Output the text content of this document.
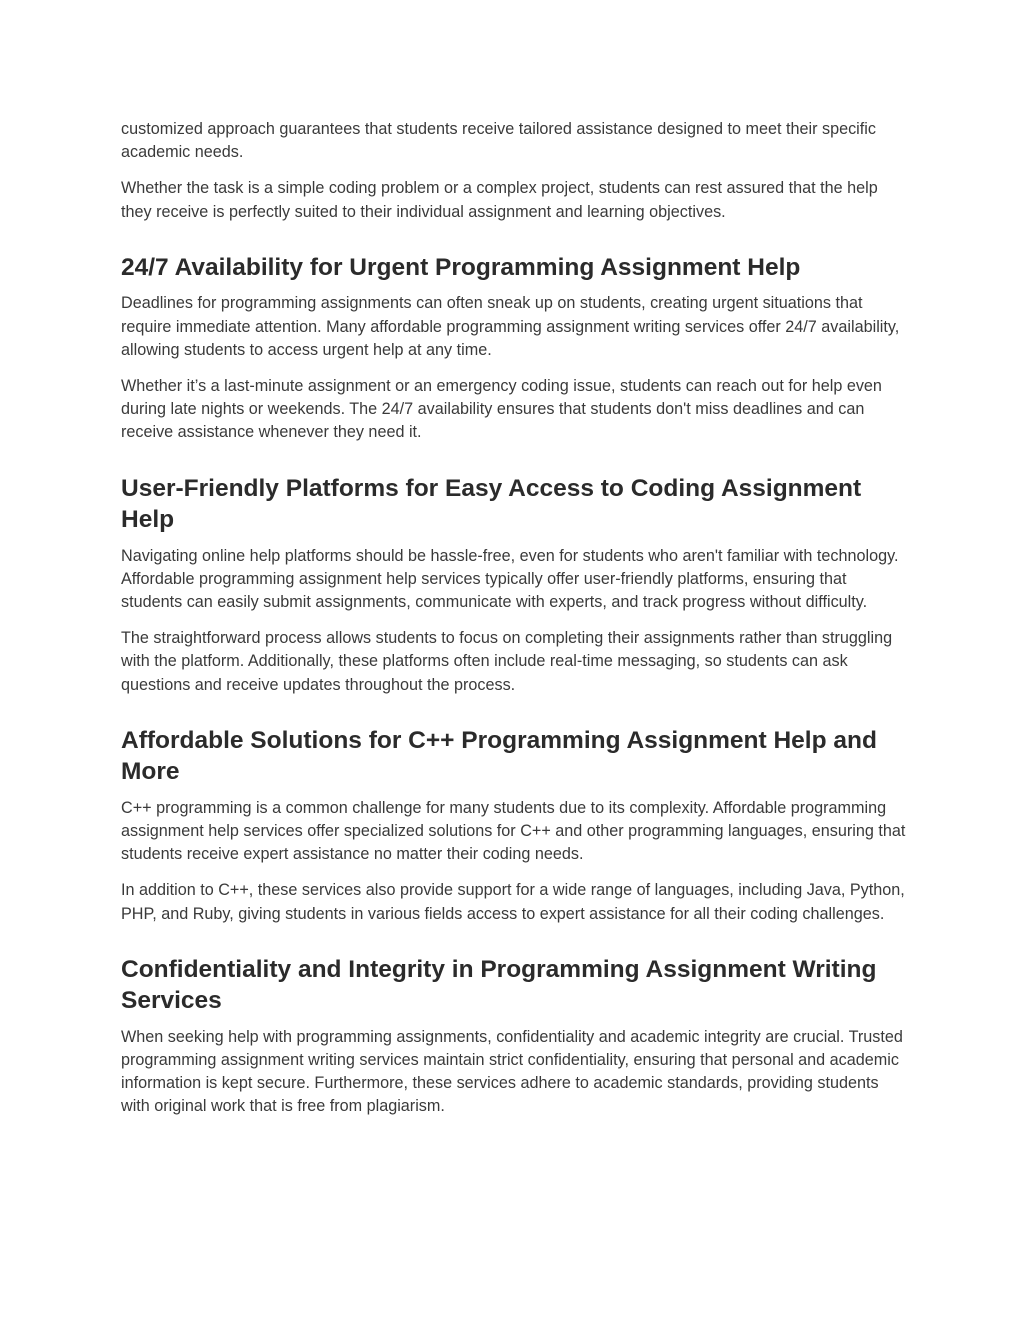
customized approach guarantees that students receive tailored assistance designed to meet their specific academic needs.

Whether the task is a simple coding problem or a complex project, students can rest assured that the help they receive is perfectly suited to their individual assignment and learning objectives.

24/7 Availability for Urgent Programming Assignment Help

Deadlines for programming assignments can often sneak up on students, creating urgent situations that require immediate attention. Many affordable programming assignment writing services offer 24/7 availability, allowing students to access urgent help at any time.

Whether it’s a last-minute assignment or an emergency coding issue, students can reach out for help even during late nights or weekends. The 24/7 availability ensures that students don't miss deadlines and can receive assistance whenever they need it.

User-Friendly Platforms for Easy Access to Coding Assignment Help

Navigating online help platforms should be hassle-free, even for students who aren't familiar with technology. Affordable programming assignment help services typically offer user-friendly platforms, ensuring that students can easily submit assignments, communicate with experts, and track progress without difficulty.

The straightforward process allows students to focus on completing their assignments rather than struggling with the platform. Additionally, these platforms often include real-time messaging, so students can ask questions and receive updates throughout the process.

Affordable Solutions for C++ Programming Assignment Help and More

C++ programming is a common challenge for many students due to its complexity. Affordable programming assignment help services offer specialized solutions for C++ and other programming languages, ensuring that students receive expert assistance no matter their coding needs.

In addition to C++, these services also provide support for a wide range of languages, including Java, Python, PHP, and Ruby, giving students in various fields access to expert assistance for all their coding challenges.

Confidentiality and Integrity in Programming Assignment Writing Services

When seeking help with programming assignments, confidentiality and academic integrity are crucial. Trusted programming assignment writing services maintain strict confidentiality, ensuring that personal and academic information is kept secure. Furthermore, these services adhere to academic standards, providing students with original work that is free from plagiarism.
